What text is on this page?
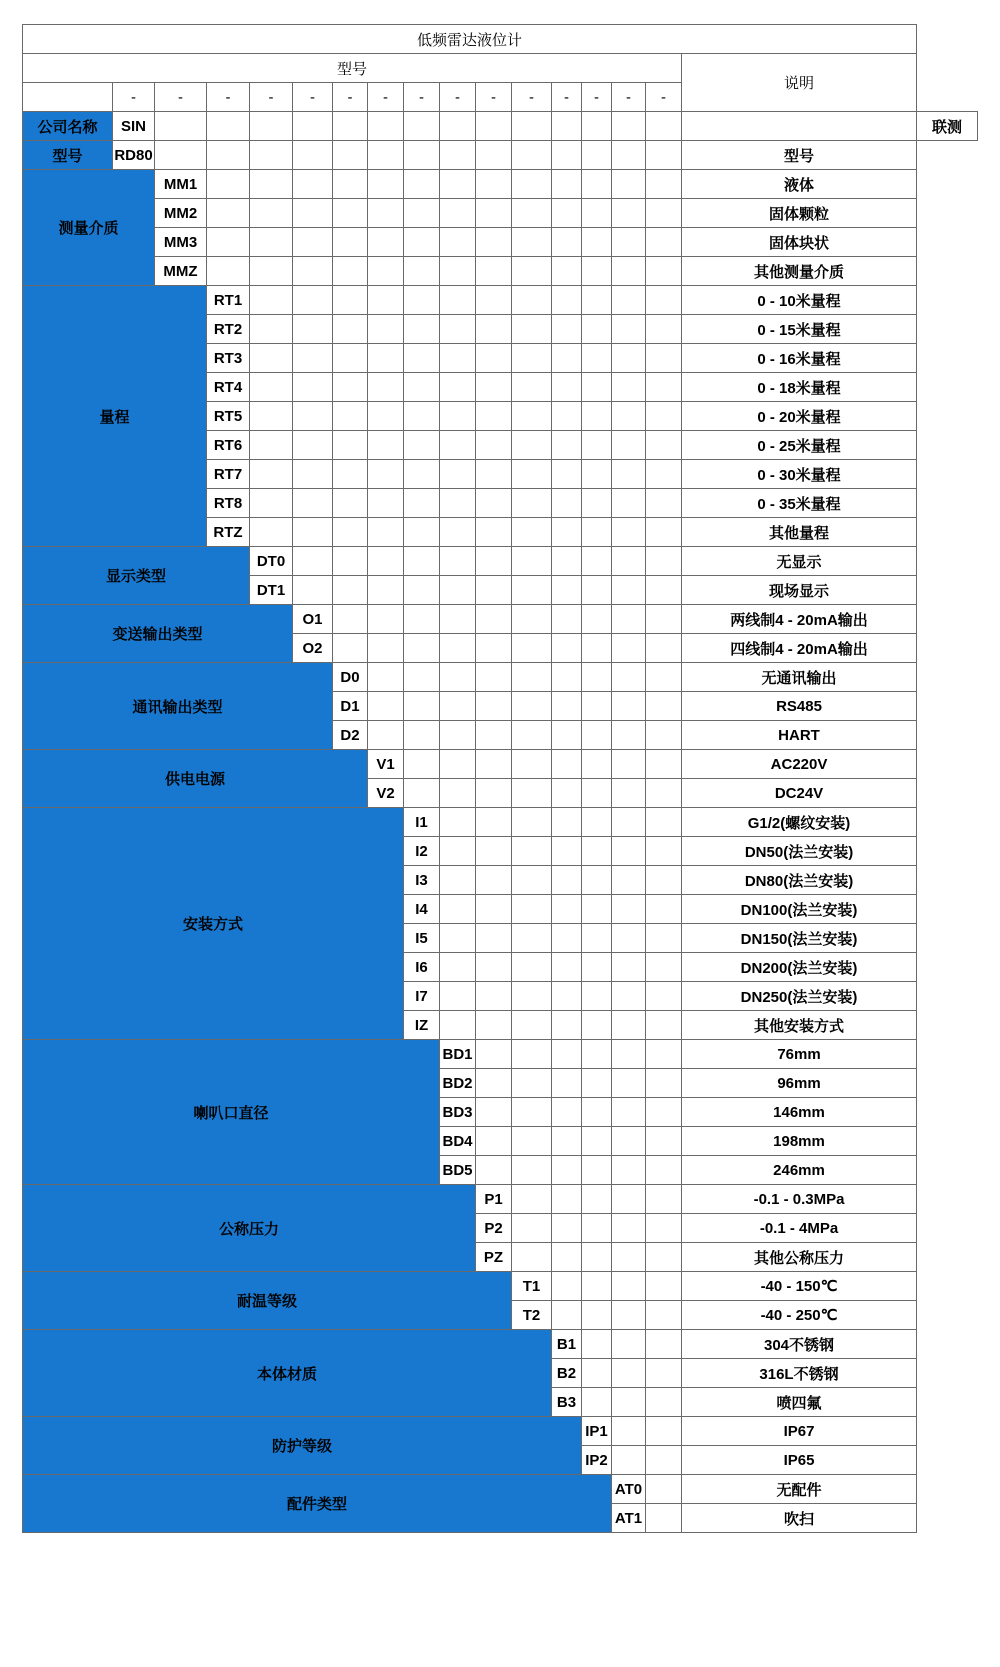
低频雷达液位计																	
型号																说明	
	-	-	-	-	-	-	-	-	-	-	-	-	-	-	-		
公司名称	SIN																联测
型号	RD80															型号	
测量介质		MM1														液体	
		MM2														固体颗粒	
		MM3														固体块状	
		MMZ														其他测量介质	
量程			RT1													0 - 10米量程	
			RT2													0 - 15米量程	
			RT3													0 - 16米量程	
			RT4													0 - 18米量程	
			RT5													0 - 20米量程	
			RT6													0 - 25米量程	
			RT7													0 - 30米量程	
			RT8													0 - 35米量程	
			RTZ													其他量程	
显示类型				DT0												无显示	
				DT1												现场显示	
变送输出类型					O1											两线制4 - 20mA输出	
					O2											四线制4 - 20mA输出	
通讯输出类型						D0										无通讯输出	
						D1										RS485	
						D2										HART	
供电电源							V1									AC220V	
							V2									DC24V	
安装方式								I1								G1/2(螺纹安装)	
								I2								DN50(法兰安装)	
								I3								DN80(法兰安装)	
								I4								DN100(法兰安装)	
								I5								DN150(法兰安装)	
								I6								DN200(法兰安装)	
								I7								DN250(法兰安装)	
								IZ								其他安装方式	
喇叭口直径									BD1							76mm	
									BD2							96mm	
									BD3							146mm	
									BD4							198mm	
									BD5							246mm	
公称压力										P1						-0.1 - 0.3MPa	
										P2						-0.1 - 4MPa	
										PZ						其他公称压力	
耐温等级											T1					-40 - 150℃	
											T2					-40 - 250℃	
本体材质												B1				304不锈钢	
												B2				316L不锈钢	
												B3				喷四氟	
防护等级													IP1			IP67	
													IP2			IP65	
配件类型														AT0		无配件	
														AT1		吹扫	
